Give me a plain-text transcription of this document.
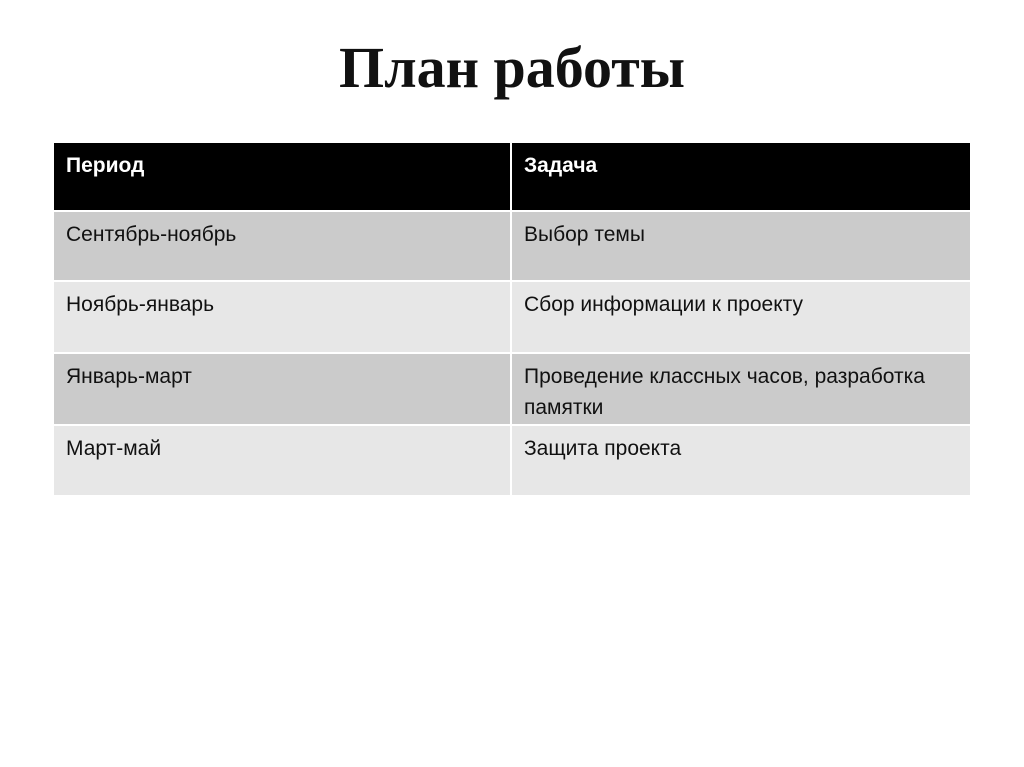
План работы
Период	Задача
Сентябрь-ноябрь	Выбор темы
Ноябрь-январь	Сбор информации к проекту
Январь-март	Проведение классных часов, разработка памятки
Март-май	Защита проекта
